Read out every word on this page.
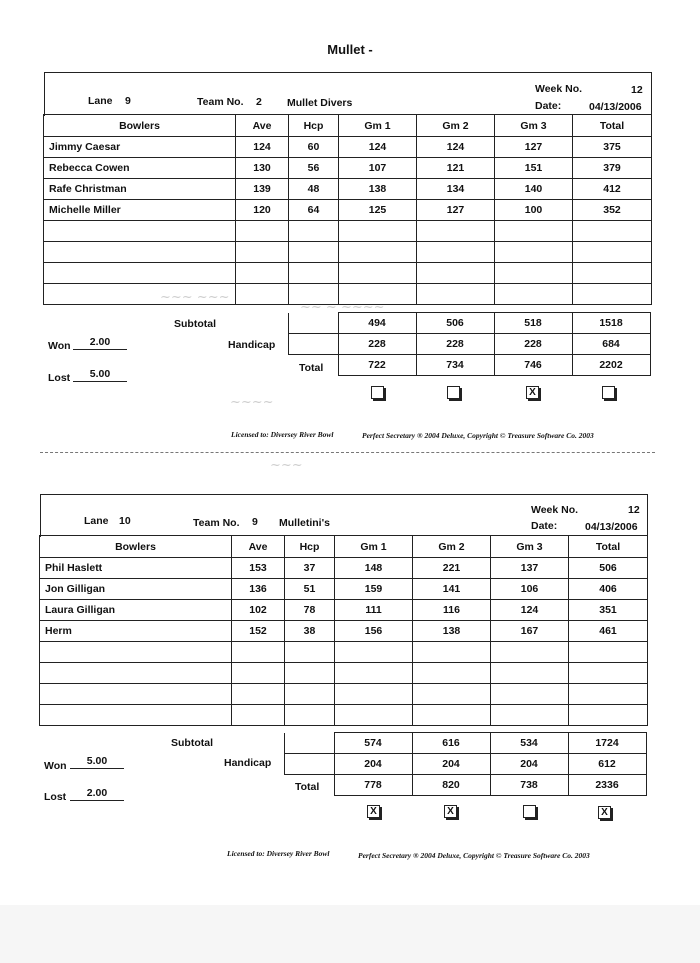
Mullet -
~~~ ~~~
~~ ~ ~~~~
~~~~
~~~
Lane 9	Team No. 2 Mullet Divers
Week No.	12
Date:	04/13/2006
Bowlers	Ave	Hcp	Gm 1	Gm 2	Gm 3	Total
Jimmy Caesar	124	60	124	124	127	375
Rebecca Cowen	130	56	107	121	151	379
Rafe Christman	139	48	138	134	140	412
Michelle Miller	120	64	125	127	100	352

		494	506	518	1518
		228	228	228	684
		722	734	746	2202
Subtotal
Handicap
Total
Won	2.00
Lost	5.00
X
Licensed to: Diversey River Bowl	Perfect Secretary ® 2004 Deluxe, Copyright © Treasure Software Co. 2003
Lane 10	Team No. 9 Mulletini's
Week No.	12
Date:	04/13/2006
Bowlers	Ave	Hcp	Gm 1	Gm 2	Gm 3	Total
Phil Haslett	153	37	148	221	137	506
Jon Gilligan	136	51	159	141	106	406
Laura Gilligan	102	78	111	116	124	351
Herm	152	38	156	138	167	461

		574	616	534	1724
		204	204	204	612
		778	820	738	2336
Subtotal
Handicap
Total
Won	5.00
Lost	2.00
X	X	X
Licensed to: Diversey River Bowl	Perfect Secretary ® 2004 Deluxe, Copyright © Treasure Software Co. 2003
